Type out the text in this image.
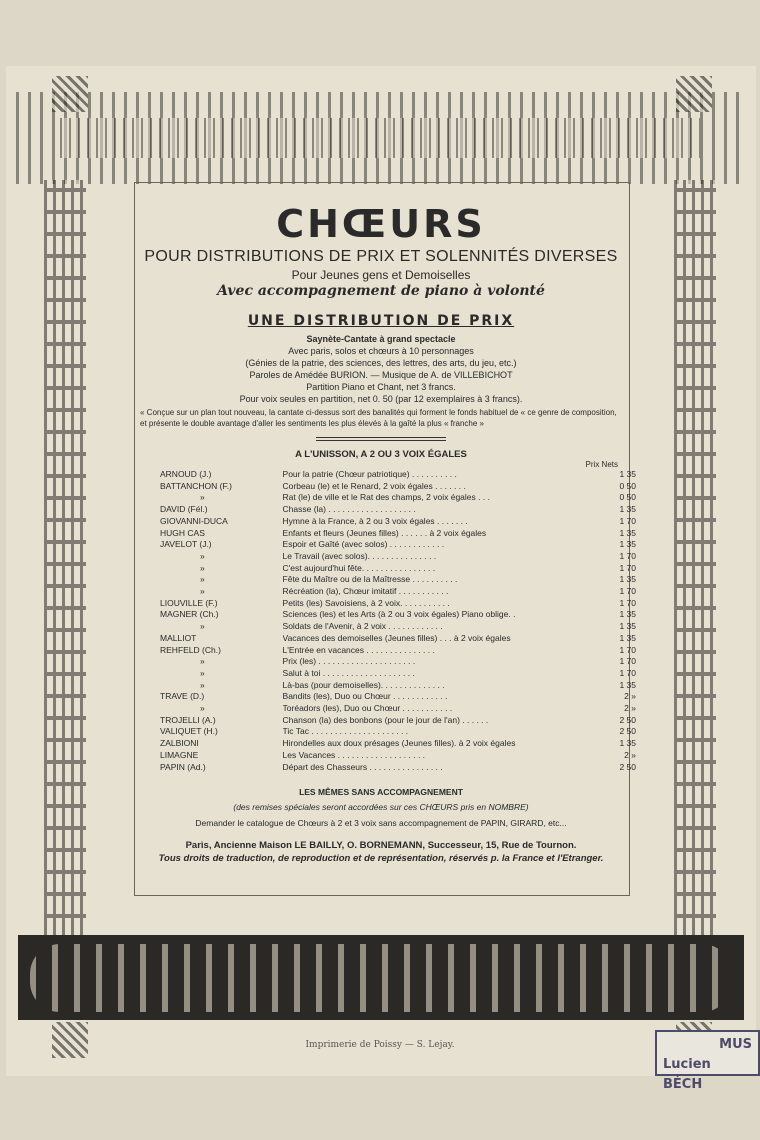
CHŒURS
POUR DISTRIBUTIONS DE PRIX ET SOLENNITÉS DIVERSES
Pour Jeunes gens et Demoiselles
Avec accompagnement de piano à volonté
UNE DISTRIBUTION DE PRIX
Saynète-Cantate à grand spectacle
Avec paris, solos et chœurs à 10 personnages
(Génies de la patrie, des sciences, des lettres, des arts, du jeu, etc.)
Paroles de Amédée BURION. — Musique de A. de VILLEBICHOT
Partition Piano et Chant, net 3 francs.
Pour voix seules en partition, net 0. 50 (par 12 exemplaires à 3 francs).
« Conçue sur un plan tout nouveau, la cantate ci-dessus sort des banalités qui forment le fonds habituel de « ce genre de composition, et présente le double avantage d'aller les sentiments les plus élevés à la gaîté la plus « franche »
A L'UNISSON, A 2 OU 3 VOIX ÉGALES
Prix Nets
ARNOUD (J.)	Pour la patrie (Chœur patriotique) . . . . . . . . . .	1 35
BATTANCHON (F.)	Corbeau (le) et le Renard, 2 voix égales . . . . . . .	0 50
»	Rat (le) de ville et le Rat des champs, 2 voix égales . . .	0 50
DAVID (Fél.)	Chasse (la) . . . . . . . . . . . . . . . . . . .	1 35
GIOVANNI-DUCA	Hymne à la France, à 2 ou 3 voix égales . . . . . . .	1 70
HUGH CAS	Enfants et fleurs (Jeunes filles) . . . . . . à 2 voix égales	1 35
JAVELOT (J.)	Espoir et Gaîté (avec solos) . . . . . . . . . . . .	1 35
»	Le Travail (avec solos). . . . . . . . . . . . . . .	1 70
»	C'est aujourd'hui fête. . . . . . . . . . . . . . . .	1 70
»	Fête du Maître ou de la Maîtresse . . . . . . . . . .	1 35
»	Récréation (la), Chœur imitatif . . . . . . . . . . .	1 70
LIOUVILLE (F.)	Petits (les) Savoisiens, à 2 voix. . . . . . . . . . .	1 70
MAGNER (Ch.)	Sciences (les) et les Arts (à 2 ou 3 voix égales) Piano oblige. .	1 35
»	Soldats de l'Avenir, à 2 voix . . . . . . . . . . . .	1 35
MALLIOT	Vacances des demoiselles (Jeunes filles) . . . à 2 voix égales	1 35
REHFELD (Ch.)	L'Entrée en vacances . . . . . . . . . . . . . . .	1 70
»	Prix (les) . . . . . . . . . . . . . . . . . . . . .	1 70
»	Salut à toi . . . . . . . . . . . . . . . . . . . .	1 70
»	Là-bas (pour demoiselles). . . . . . . . . . . . . .	1 35
TRAVE (D.)	Bandits (les), Duo ou Chœur . . . . . . . . . . . .	2 »
»	Toréadors (les), Duo ou Chœur . . . . . . . . . . .	2 »
TROJELLI (A.)	Chanson (la) des bonbons (pour le jour de l'an) . . . . . .	2 50
VALIQUET (H.)	Tic Tac . . . . . . . . . . . . . . . . . . . . .	2 50
ZALBIONI	Hirondelles aux doux présages (Jeunes filles). à 2 voix égales	1 35
LIMAGNE	Les Vacances . . . . . . . . . . . . . . . . . . .	2 »
PAPIN (Ad.)	Départ des Chasseurs . . . . . . . . . . . . . . . .	2 50
LES MÊMES SANS ACCOMPAGNEMENT
(des remises spéciales seront accordées sur ces CHŒURS pris en NOMBRE)
Demander le catalogue de Chœurs à 2 et 3 voix sans accompagnement de PAPIN, GIRARD, etc...
Paris, Ancienne Maison LE BAILLY, O. BORNEMANN, Successeur, 15, Rue de Tournon.
Tous droits de traduction, de reproduction et de représentation, réservés p. la France et l'Etranger.
Imprimerie de Poissy — S. Lejay.	MUS
Lucien BÉCH
